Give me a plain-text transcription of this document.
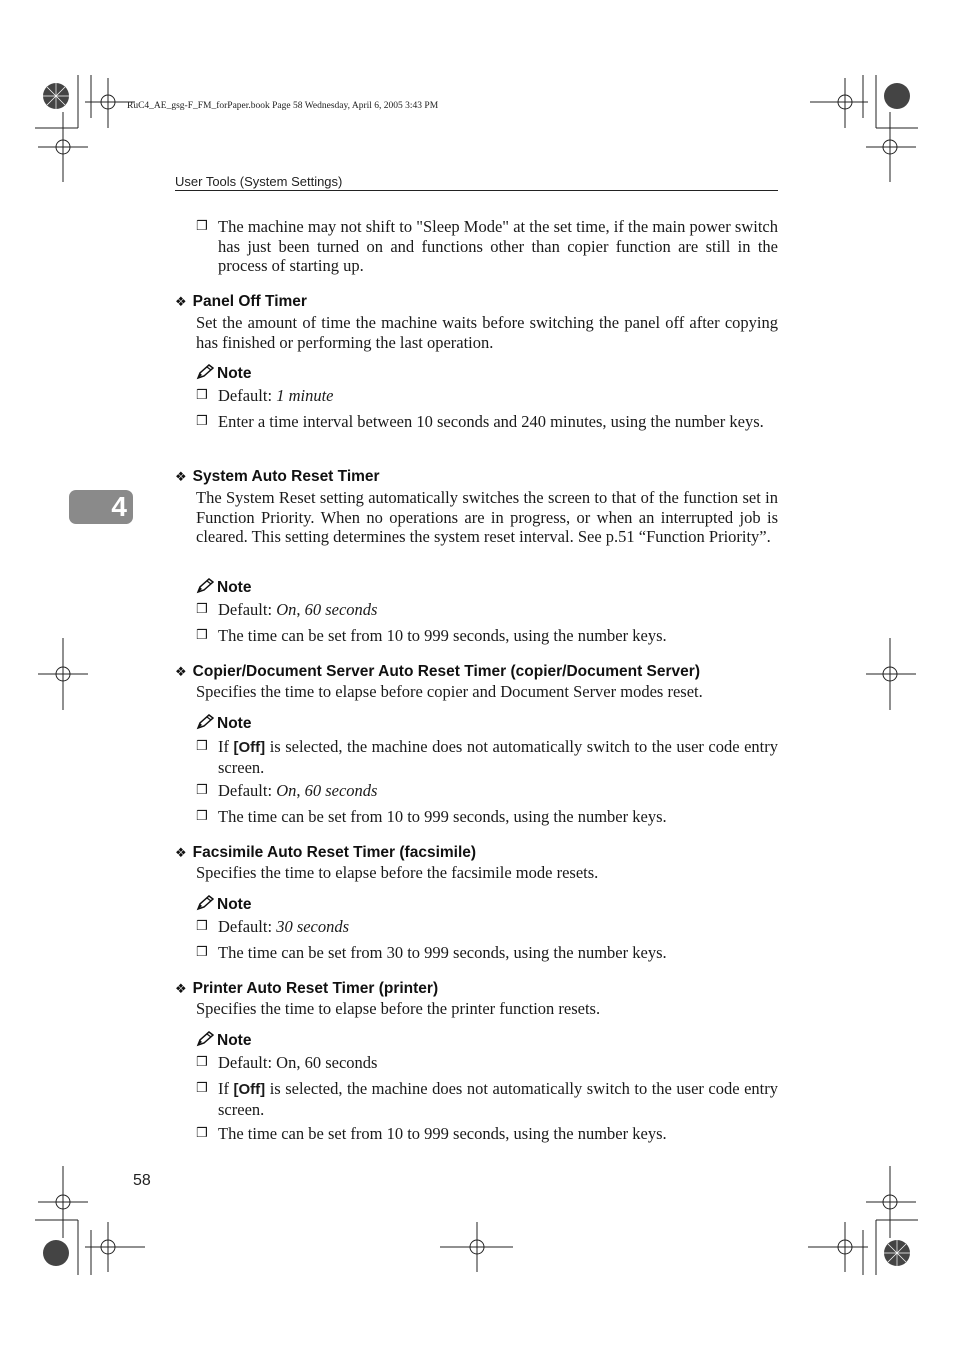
RuC4_AE_gsg-F_FM_forPaper.book Page 58 Wednesday, April 6, 2005 3:43 PM
User Tools (System Settings)
4
58
❒ The machine may not shift to "Sleep Mode" at the set time, if the main power switch has just been turned on and functions other than copier function are still in the process of starting up.
❖ Panel Off Timer
Set the amount of time the machine waits before switching the panel off after copying has finished or performing the last operation.
Note
❒ Default: 1 minute
❒ Enter a time interval between 10 seconds and 240 minutes, using the number keys.
❖ System Auto Reset Timer
The System Reset setting automatically switches the screen to that of the function set in Function Priority. When no operations are in progress, or when an interrupted job is cleared. This setting determines the system reset interval. See p.51 “Function Priority”.
Note
❒ Default: On, 60 seconds
❒ The time can be set from 10 to 999 seconds, using the number keys.
❖ Copier/Document Server Auto Reset Timer (copier/Document Server)
Specifies the time to elapse before copier and Document Server modes reset.
Note
❒ If [Off] is selected, the machine does not automatically switch to the user code entry screen.
❒ Default: On, 60 seconds
❒ The time can be set from 10 to 999 seconds, using the number keys.
❖ Facsimile Auto Reset Timer (facsimile)
Specifies the time to elapse before the facsimile mode resets.
Note
❒ Default: 30 seconds
❒ The time can be set from 30 to 999 seconds, using the number keys.
❖ Printer Auto Reset Timer (printer)
Specifies the time to elapse before the printer function resets.
Note
❒ Default: On, 60 seconds
❒ If [Off] is selected, the machine does not automatically switch to the user code entry screen.
❒ The time can be set from 10 to 999 seconds, using the number keys.
